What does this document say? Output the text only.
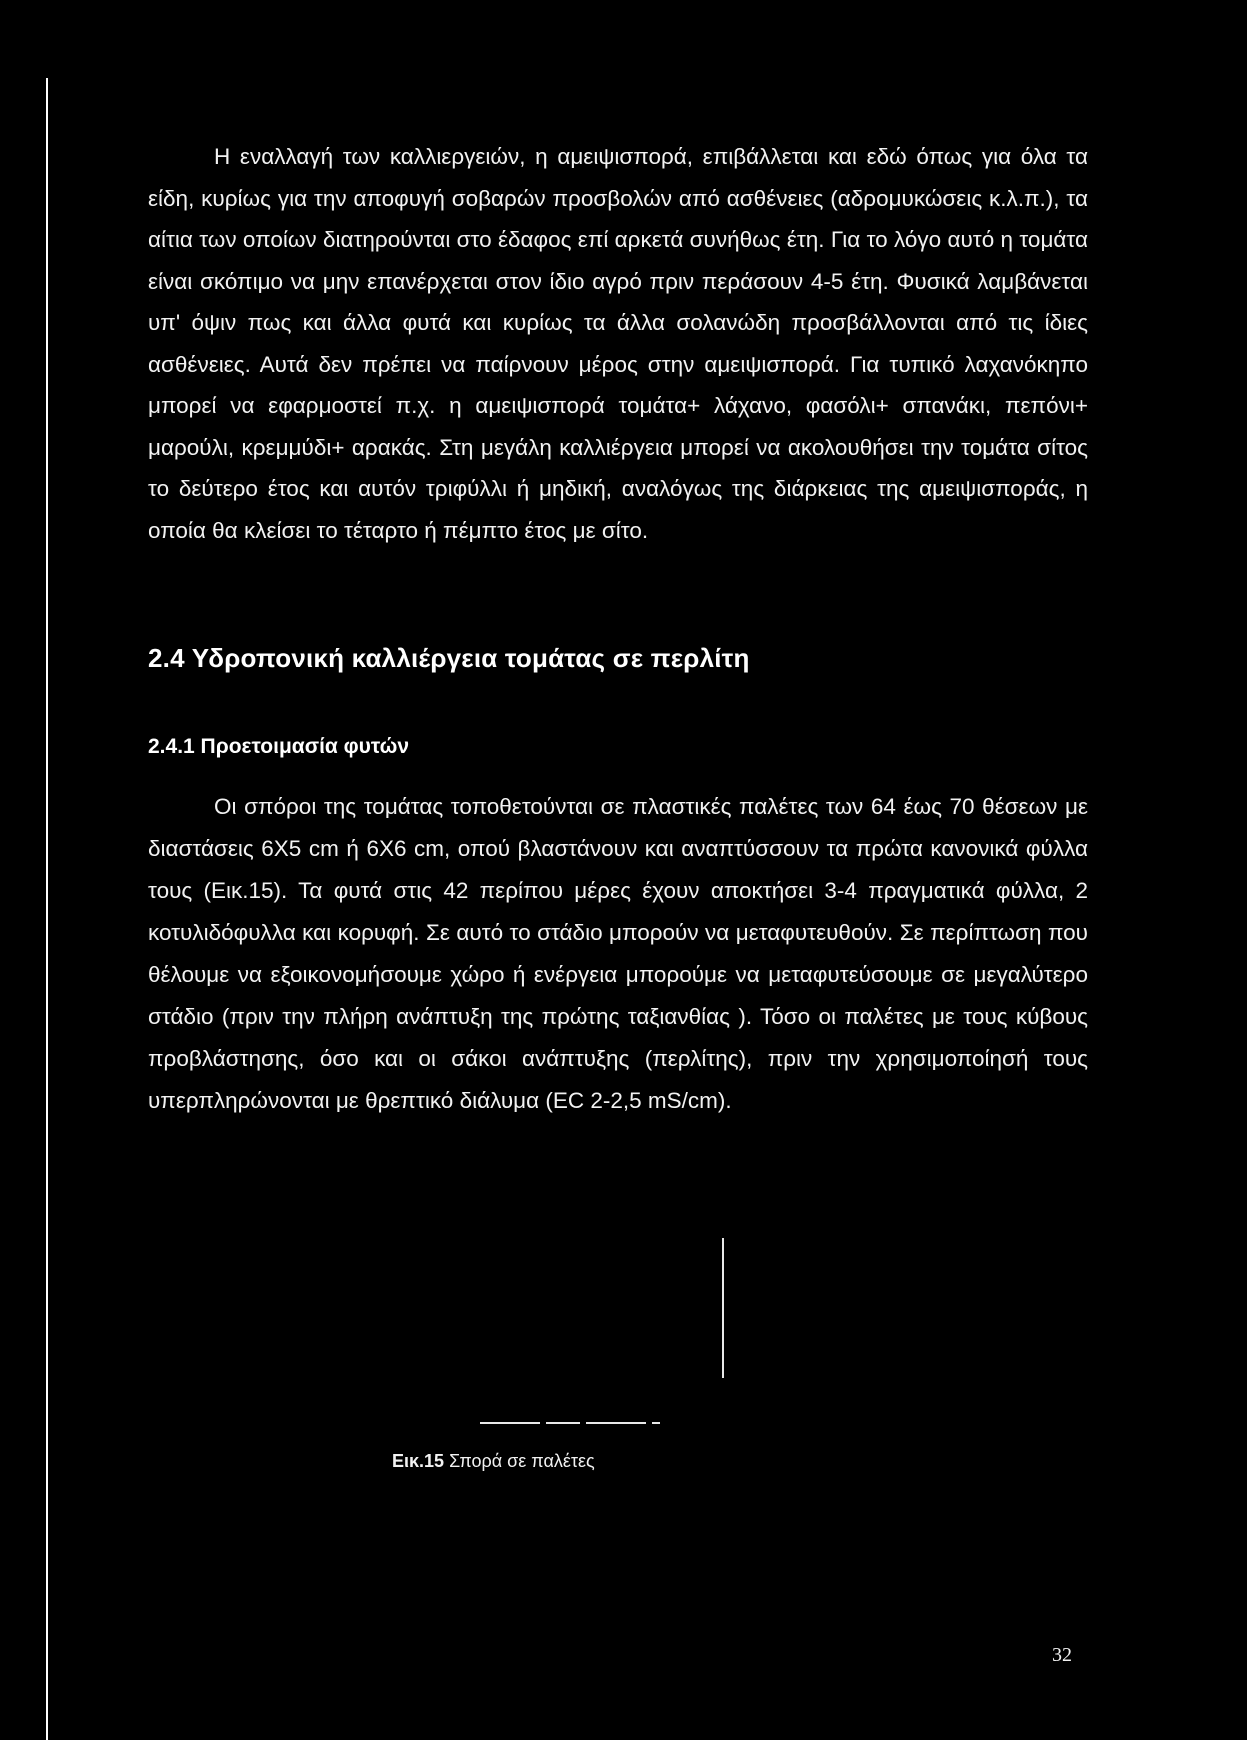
Η εναλλαγή των καλλιεργειών, η αμειψισπορά, επιβάλλεται και εδώ όπως για όλα τα είδη, κυρίως για την αποφυγή σοβαρών προσβολών από ασθένειες (αδρομυκώσεις κ.λ.π.), τα αίτια των οποίων διατηρούνται στο έδαφος επί αρκετά συνήθως έτη. Για το λόγο αυτό η τομάτα είναι σκόπιμο να μην επανέρχεται στον ίδιο αγρό πριν περάσουν 4-5 έτη. Φυσικά λαμβάνεται υπ' όψιν πως και άλλα φυτά και κυρίως τα άλλα σολανώδη προσβάλλονται από τις ίδιες ασθένειες. Αυτά δεν πρέπει να παίρνουν μέρος στην αμειψισπορά. Για τυπικό λαχανόκηπο μπορεί να εφαρμοστεί π.χ. η αμειψισπορά τομάτα+ λάχανο, φασόλι+ σπανάκι, πεπόνι+ μαρούλι, κρεμμύδι+ αρακάς. Στη μεγάλη καλλιέργεια μπορεί να ακολουθήσει την τομάτα σίτος το δεύτερο έτος και αυτόν τριφύλλι ή μηδική, αναλόγως της διάρκειας της αμειψισποράς, η οποία θα κλείσει το τέταρτο ή πέμπτο έτος με σίτο.

2.4 Υδροπονική καλλιέργεια τομάτας σε περλίτη
2.4.1 Προετοιμασία φυτών

Οι σπόροι της τομάτας τοποθετούνται σε πλαστικές παλέτες των 64 έως 70 θέσεων με διαστάσεις 6Χ5 cm ή 6Χ6 cm, οπού βλαστάνουν και αναπτύσσουν τα πρώτα κανονικά φύλλα τους (Εικ.15). Τα φυτά στις 42 περίπου μέρες έχουν αποκτήσει 3-4 πραγματικά φύλλα, 2 κοτυλιδόφυλλα και κορυφή. Σε αυτό το στάδιο μπορούν να μεταφυτευθούν. Σε περίπτωση που θέλουμε να εξοικονομήσουμε χώρο ή ενέργεια μπορούμε να μεταφυτεύσουμε σε μεγαλύτερο στάδιο (πριν την πλήρη ανάπτυξη της πρώτης ταξιανθίας ). Τόσο οι παλέτες με τους κύβους προβλάστησης, όσο και οι σάκοι ανάπτυξης (περλίτης), πριν την χρησιμοποίησή τους υπερπληρώνονται με θρεπτικό διάλυμα (EC 2-2,5 mS/cm).

Εικ.15 Σπορά σε παλέτες

32
